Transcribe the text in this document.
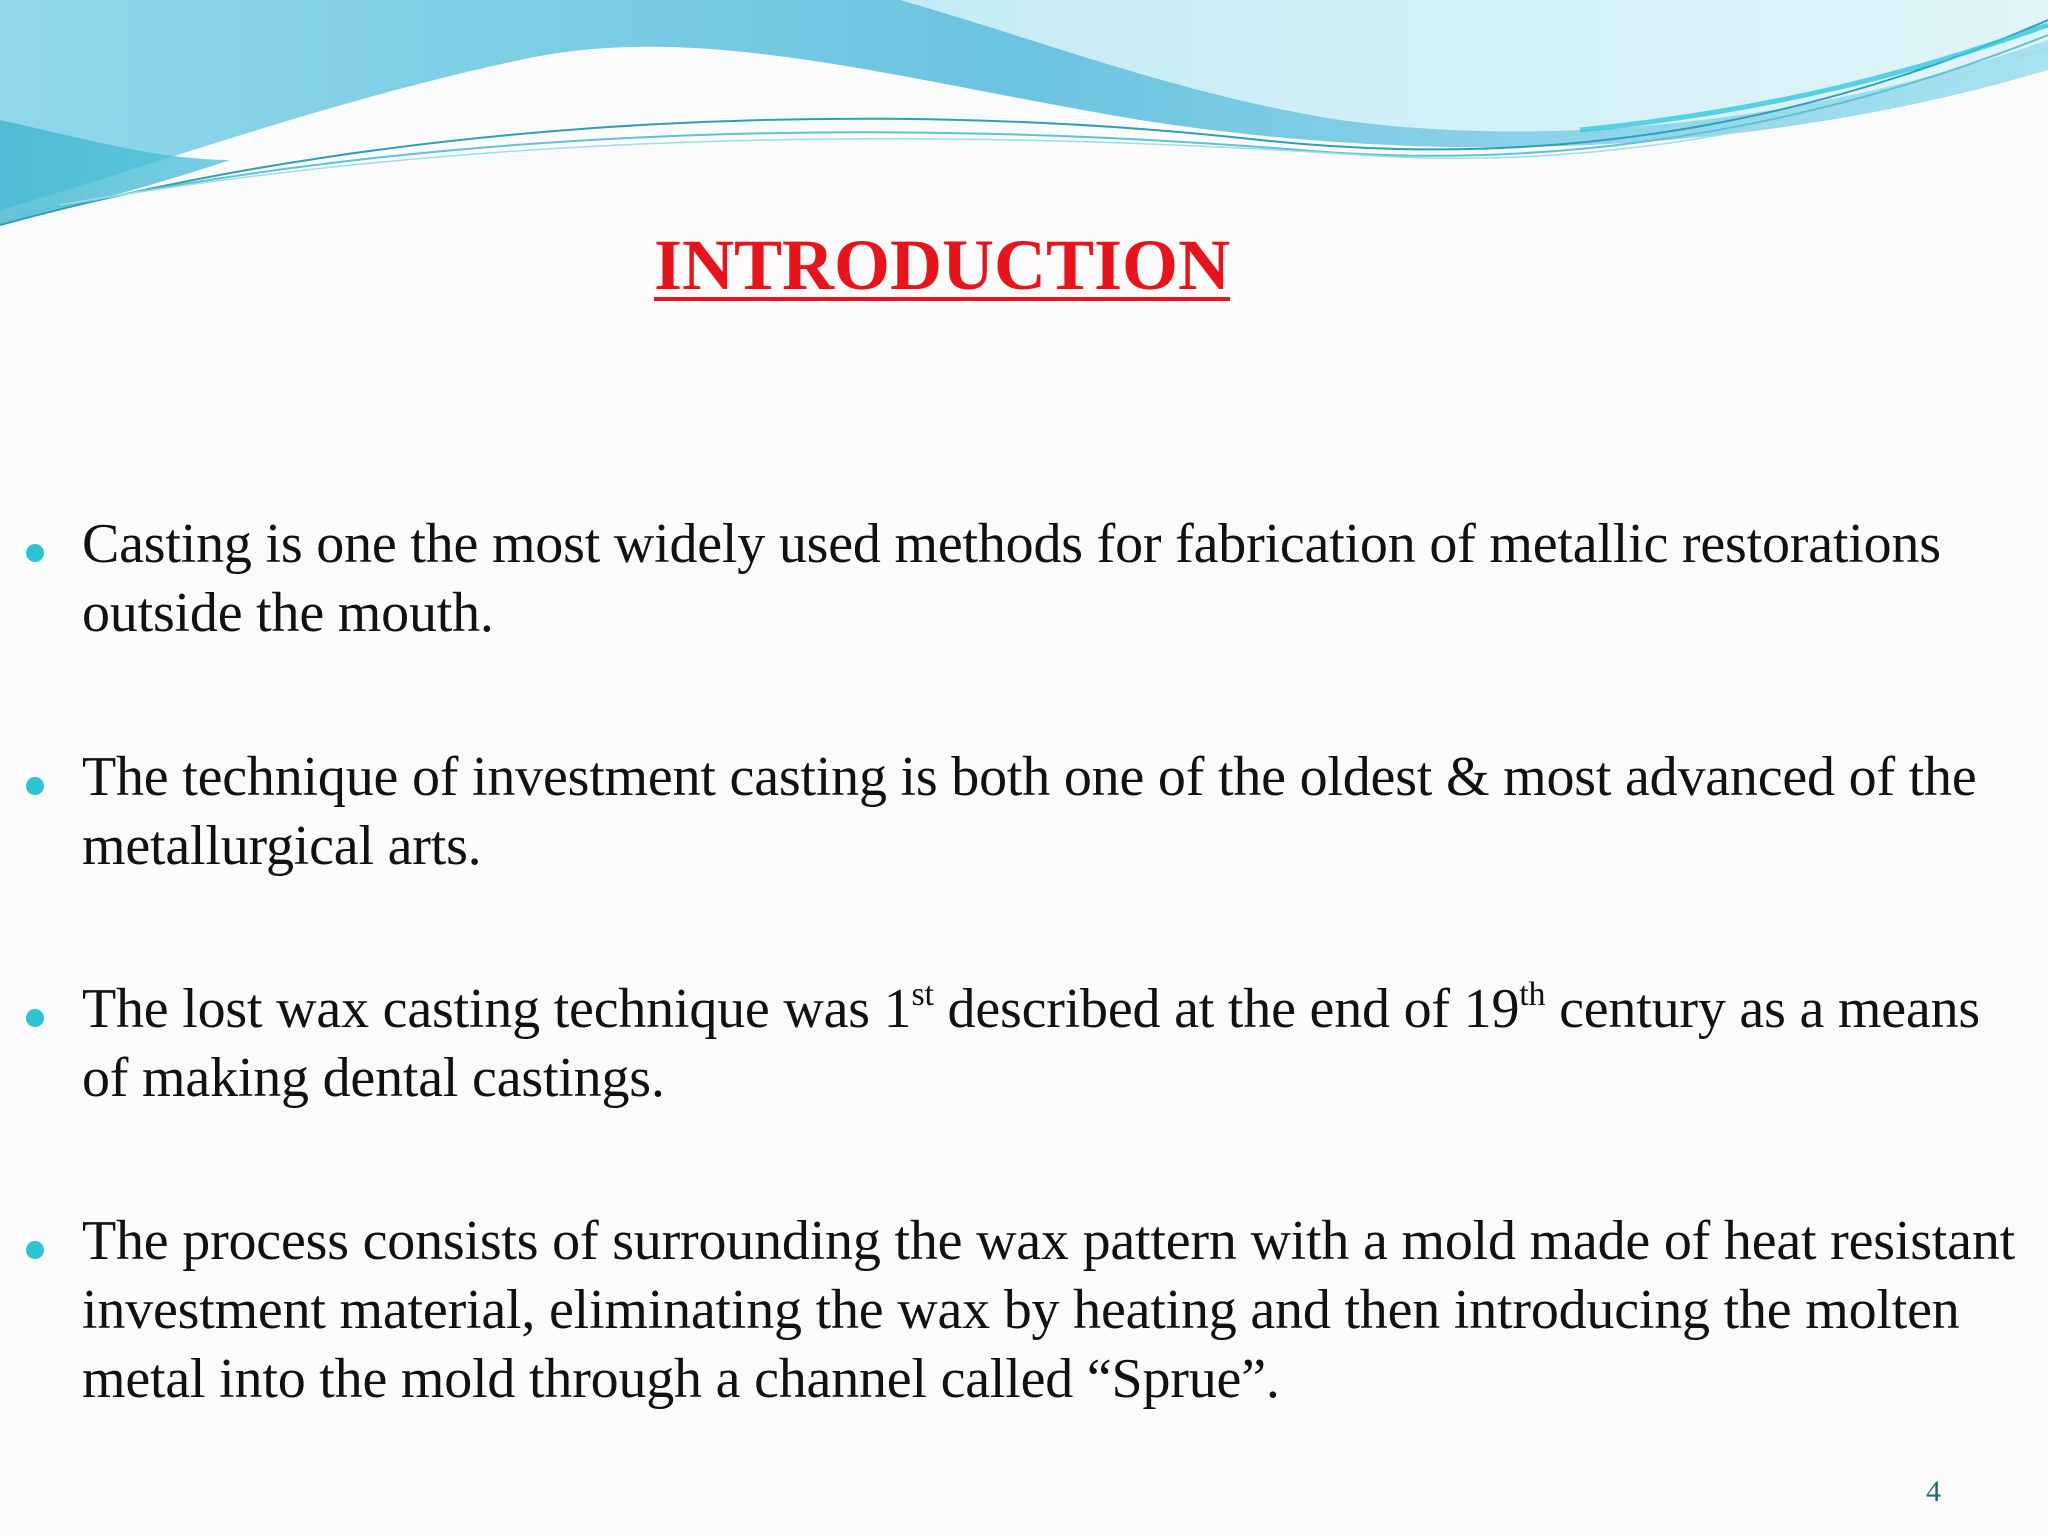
INTRODUCTION
Casting is one the most widely used methods for fabrication of metallic restorations outside the mouth.
The technique of investment casting is both one of the oldest & most advanced of the metallurgical arts.
The lost wax casting technique was 1st described at the end of 19th century as a means of making dental castings.
The process consists of surrounding the wax pattern with a mold made of heat resistant investment material, eliminating the wax by heating and then introducing the molten metal into the mold through a channel called “Sprue”.
4
